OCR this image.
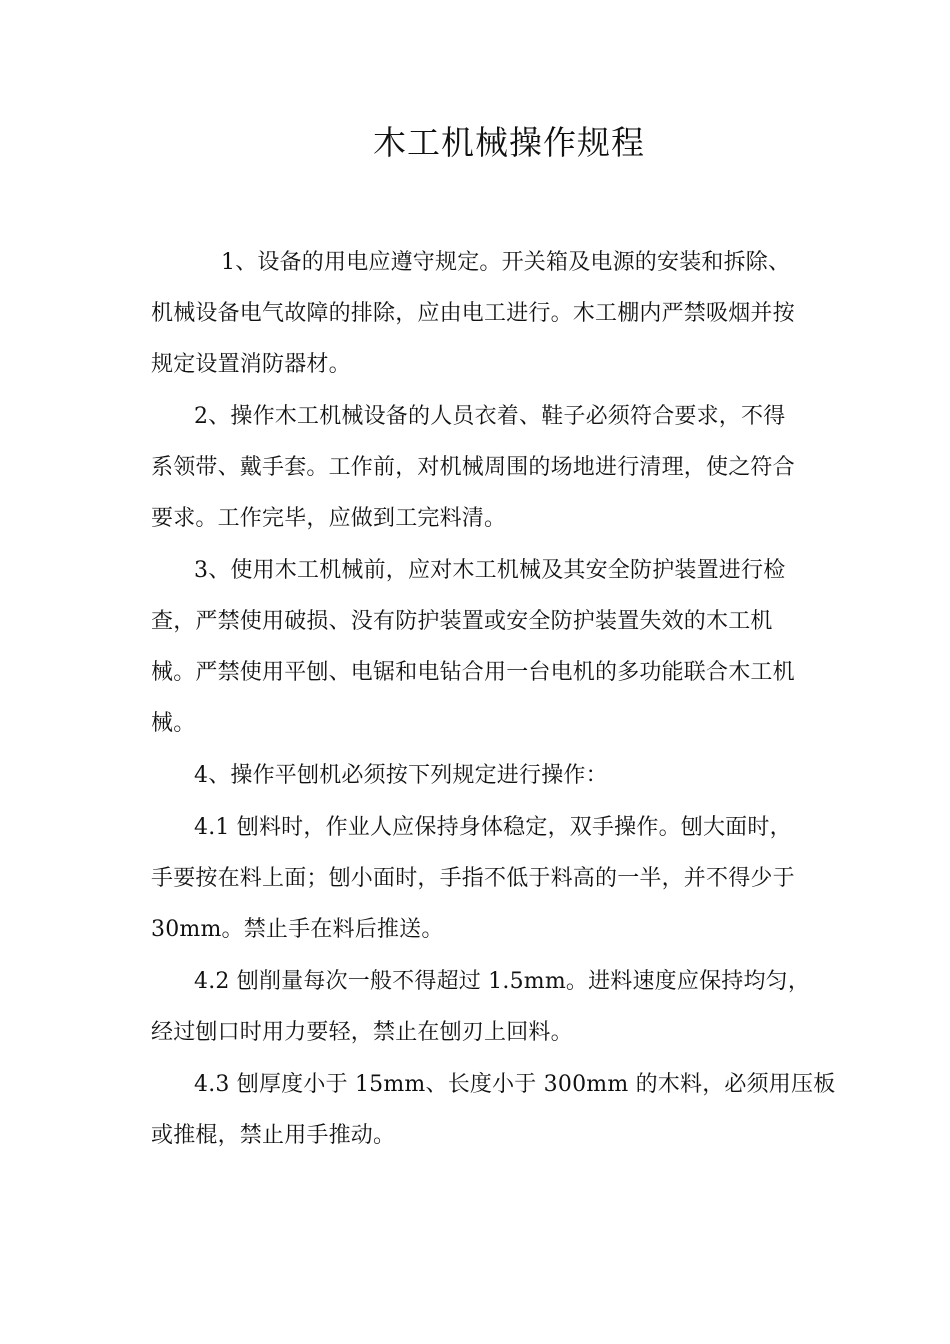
木工机械操作规程

1、设备的用电应遵守规定。开关箱及电源的安装和拆除、

机械设备电气故障的排除，应由电工进行。木工棚内严禁吸烟并按

规定设置消防器材。

2、操作木工机械设备的人员衣着、鞋子必须符合要求，不得

系领带、戴手套。工作前，对机械周围的场地进行清理，使之符合

要求。工作完毕，应做到工完料清。

3、使用木工机械前，应对木工机械及其安全防护装置进行检

查，严禁使用破损、没有防护装置或安全防护装置失效的木工机

械。严禁使用平刨、电锯和电钻合用一台电机的多功能联合木工机

械。

4、操作平刨机必须按下列规定进行操作：

4.1 刨料时，作业人应保持身体稳定，双手操作。刨大面时，

手要按在料上面；刨小面时，手指不低于料高的一半，并不得少于

30mm。禁止手在料后推送。

4.2 刨削量每次一般不得超过 1.5mm。进料速度应保持均匀，

经过刨口时用力要轻，禁止在刨刃上回料。

4.3 刨厚度小于 15mm、长度小于 300mm 的木料，必须用压板

或推棍，禁止用手推动。
